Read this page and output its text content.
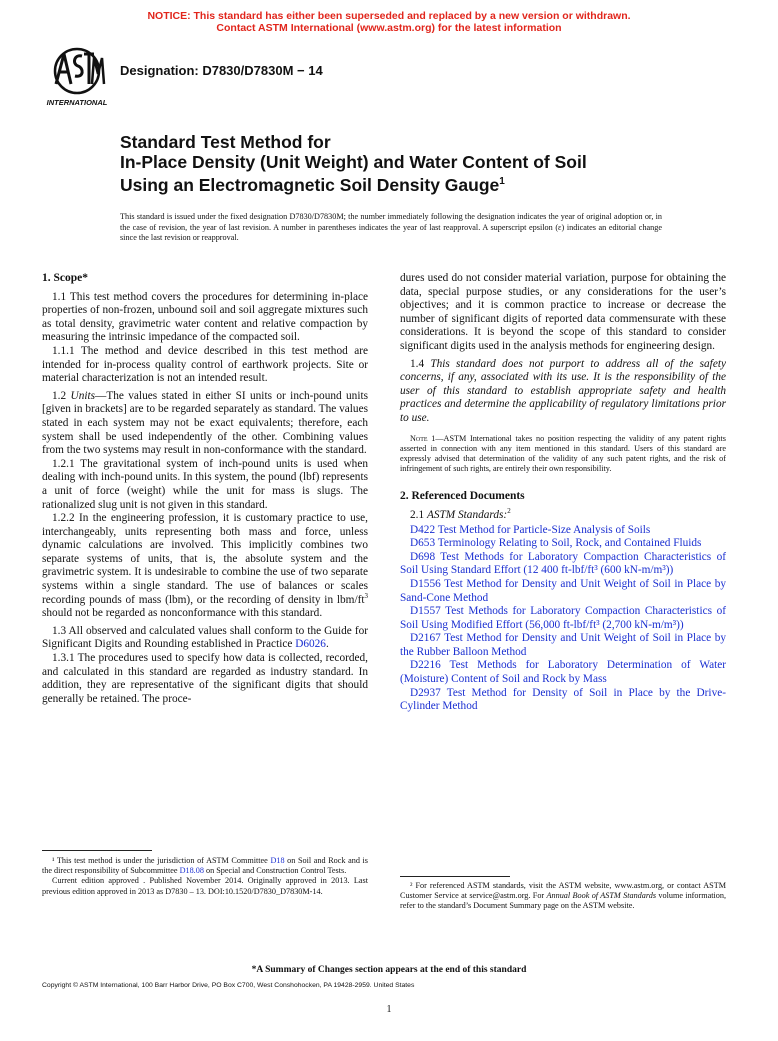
NOTICE: This standard has either been superseded and replaced by a new version or withdrawn.
Contact ASTM International (www.astm.org) for the latest information
INTERNATIONAL
Designation: D7830/D7830M − 14
Standard Test Method for
In-Place Density (Unit Weight) and Water Content of Soil
Using an Electromagnetic Soil Density Gauge$^1$
This standard is issued under the fixed designation D7830/D7830M; the number immediately following the designation indicates the year of original adoption or, in the case of revision, the year of last revision. A number in parentheses indicates the year of last reapproval. A superscript epsilon (ε) indicates an editorial change since the last revision or reapproval.

1. Scope*

1.1 This test method covers the procedures for determining in-place properties of non-frozen, unbound soil and soil aggregate mixtures such as total density, gravimetric water content and relative compaction by measuring the intrinsic impedance of the compacted soil.

1.1.1 The method and device described in this test method are intended for in-process quality control of earthwork projects. Site or material characterization is not an intended result.

1.2 Units—The values stated in either SI units or inch-pound units [given in brackets] are to be regarded separately as standard. The values stated in each system may not be exact equivalents; therefore, each system shall be used independently of the other. Combining values from the two systems may result in non-conformance with the standard.

1.2.1 The gravitational system of inch-pound units is used when dealing with inch-pound units. In this system, the pound (lbf) represents a unit of force (weight) while the unit for mass is slugs. The rationalized slug unit is not given in this standard.

1.2.2 In the engineering profession, it is customary practice to use, interchangeably, units representing both mass and force, unless dynamic calculations are involved. This implicitly combines two separate systems of units, that is, the absolute system and the gravimetric system. It is undesirable to combine the use of two separate systems within a single standard. The use of balances or scales recording pounds of mass (lbm), or the recording of density in lbm/$ft^3$ should not be regarded as nonconformance with this standard.

1.3 All observed and calculated values shall conform to the Guide for Significant Digits and Rounding established in Practice D6026.

1.3.1 The procedures used to specify how data is collected, recorded, and calculated in this standard are regarded as industry standard. In addition, they are representative of the significant digits that should generally be retained. The proce-

dures used do not consider material variation, purpose for obtaining the data, special purpose studies, or any considerations for the user’s objectives; and it is common practice to increase or decrease the number of significant digits of reported data commensurate with these considerations. It is beyond the scope of this standard to consider significant digits used in the analysis methods for engineering design.

1.4 This standard does not purport to address all of the safety concerns, if any, associated with its use. It is the responsibility of the user of this standard to establish appropriate safety and health practices and determine the applicability of regulatory limitations prior to use.

Note 1—ASTM International takes no position respecting the validity of any patent rights asserted in connection with any item mentioned in this standard. Users of this standard are expressly advised that determination of the validity of any such patent rights, and the risk of infringement of such rights, are entirely their own responsibility.

2. Referenced Documents

2.1 ASTM Standards:$^2$

D422 Test Method for Particle-Size Analysis of Soils

D653 Terminology Relating to Soil, Rock, and Contained Fluids

D698 Test Methods for Laboratory Compaction Characteristics of Soil Using Standard Effort (12 400 ft-lbf/ft³ (600 kN-m/m³))

D1556 Test Method for Density and Unit Weight of Soil in Place by Sand-Cone Method

D1557 Test Methods for Laboratory Compaction Characteristics of Soil Using Modified Effort (56,000 ft-lbf/ft³ (2,700 kN-m/m³))

D2167 Test Method for Density and Unit Weight of Soil in Place by the Rubber Balloon Method

D2216 Test Methods for Laboratory Determination of Water (Moisture) Content of Soil and Rock by Mass

D2937 Test Method for Density of Soil in Place by the Drive-Cylinder Method

¹ This test method is under the jurisdiction of ASTM Committee D18 on Soil and Rock and is the direct responsibility of Subcommittee D18.08 on Special and Construction Control Tests.

Current edition approved . Published November 2014. Originally approved in 2013. Last previous edition approved in 2013 as D7830 – 13. DOI:10.1520/D7830_D7830M-14.

² For referenced ASTM standards, visit the ASTM website, www.astm.org, or contact ASTM Customer Service at service@astm.org. For Annual Book of ASTM Standards volume information, refer to the standard’s Document Summary page on the ASTM website.

*A Summary of Changes section appears at the end of this standard
Copyright © ASTM International, 100 Barr Harbor Drive, PO Box C700, West Conshohocken, PA 19428-2959. United States
1
